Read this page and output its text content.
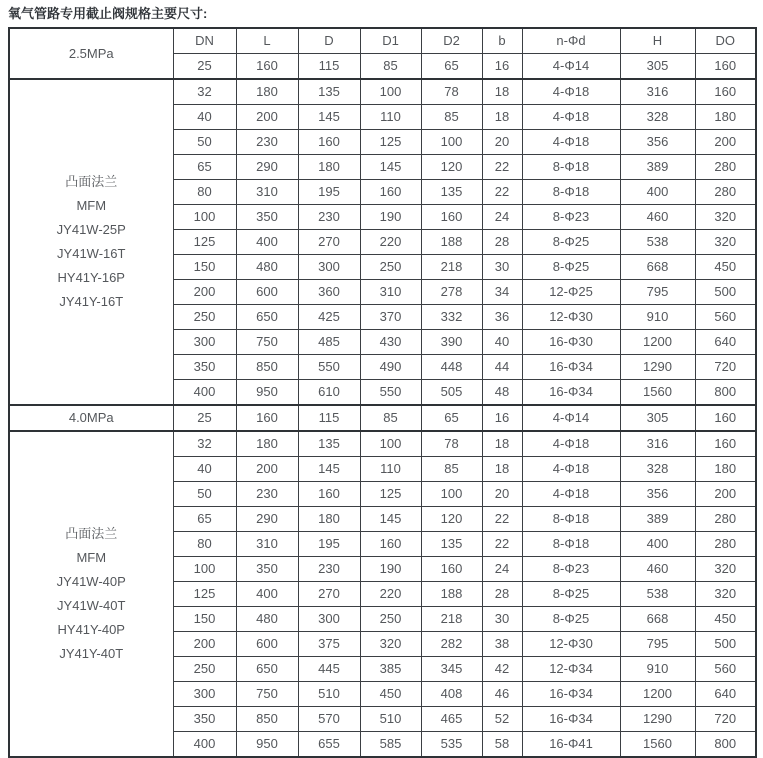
氧气管路专用截止阀规格主要尺寸:
2.5MPa	DN	L	D	D1	D2	b	n-Φd	H	DO
	25	160	115	85	65	16	4-Φ14	305	160

凸面法兰
MFM
JY41W-25P
JY41W-16T
HY41Y-16P
JY41Y-16T
	32	180	135	100	78	18	4-Φ18	316	160
	40	200	145	110	85	18	4-Φ18	328	180
	50	230	160	125	100	20	4-Φ18	356	200
	65	290	180	145	120	22	8-Φ18	389	280
	80	310	195	160	135	22	8-Φ18	400	280
	100	350	230	190	160	24	8-Φ23	460	320
	125	400	270	220	188	28	8-Φ25	538	320
	150	480	300	250	218	30	8-Φ25	668	450
	200	600	360	310	278	34	12-Φ25	795	500
	250	650	425	370	332	36	12-Φ30	910	560
	300	750	485	430	390	40	16-Φ30	1200	640
	350	850	550	490	448	44	16-Φ34	1290	720
	400	950	610	550	505	48	16-Φ34	1560	800
4.0MPa	25	160	115	85	65	16	4-Φ14	305	160

凸面法兰
MFM
JY41W-40P
JY41W-40T
HY41Y-40P
JY41Y-40T
	32	180	135	100	78	18	4-Φ18	316	160
	40	200	145	110	85	18	4-Φ18	328	180
	50	230	160	125	100	20	4-Φ18	356	200
	65	290	180	145	120	22	8-Φ18	389	280
	80	310	195	160	135	22	8-Φ18	400	280
	100	350	230	190	160	24	8-Φ23	460	320
	125	400	270	220	188	28	8-Φ25	538	320
	150	480	300	250	218	30	8-Φ25	668	450
	200	600	375	320	282	38	12-Φ30	795	500
	250	650	445	385	345	42	12-Φ34	910	560
	300	750	510	450	408	46	16-Φ34	1200	640
	350	850	570	510	465	52	16-Φ34	1290	720
	400	950	655	585	535	58	16-Φ41	1560	800
